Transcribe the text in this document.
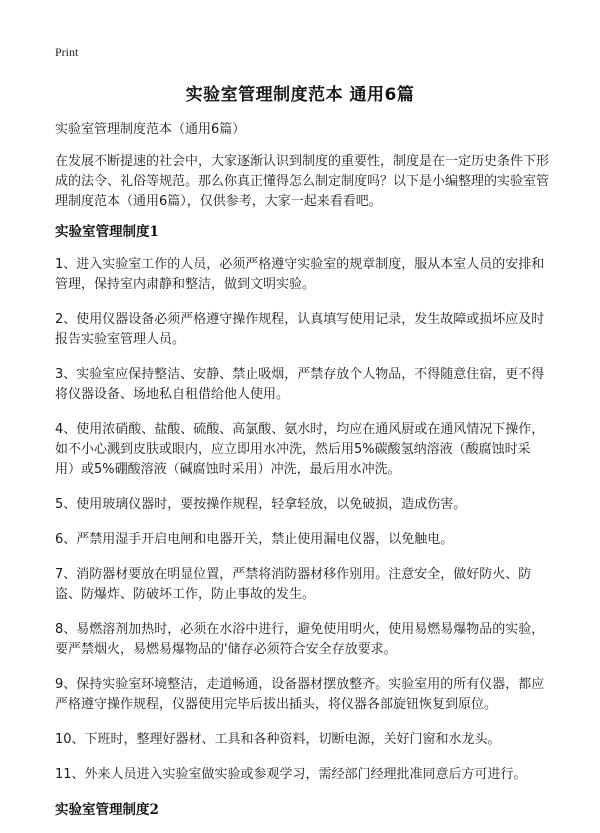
Print
实验室管理制度范本 通用6篇
实验室管理制度范本（通用6篇）

在发展不断提速的社会中，大家逐渐认识到制度的重要性，制度是在一定历史条件下形成的法令、礼俗等规范。那么你真正懂得怎么制定制度吗？以下是小编整理的实验室管理制度范本（通用6篇），仅供参考，大家一起来看看吧。

实验室管理制度1
1、进入实验室工作的人员，必须严格遵守实验室的规章制度，服从本室人员的安排和管理，保持室内肃静和整洁，做到文明实验。
2、使用仪器设备必须严格遵守操作规程，认真填写使用记录，发生故障或损坏应及时报告实验室管理人员。
3、实验室应保持整洁、安静、禁止吸烟，严禁存放个人物品，不得随意住宿，更不得将仪器设备、场地私自租借给他人使用。
4、使用浓硝酸、盐酸、硫酸、高氯酸、氨水时，均应在通风厨或在通风情况下操作，如不小心溅到皮肤或眼内，应立即用水冲洗，然后用5%碳酸氢纳溶液（酸腐蚀时采用）或5%硼酸溶液（碱腐蚀时采用）冲洗，最后用水冲洗。
5、使用玻璃仪器时，要按操作规程，轻拿轻放，以免破损，造成伤害。
6、严禁用湿手开启电闸和电器开关，禁止使用漏电仪器，以免触电。
7、消防器材要放在明显位置，严禁将消防器材移作别用。注意安全，做好防火、防盗、防爆炸、防破坏工作，防止事故的发生。
8、易燃溶剂加热时，必须在水浴中进行，避免使用明火，使用易燃易爆物品的实验，要严禁烟火，易燃易爆物品的'储存必须符合安全存放要求。
9、保持实验室环境整洁，走道畅通，设备器材摆放整齐。实验室用的所有仪器，都应严格遵守操作规程，仪器使用完毕后拔出插头，将仪器各部旋钮恢复到原位。
10、下班时，整理好器材、工具和各种资料，切断电源，关好门窗和水龙头。
11、外来人员进入实验室做实验或参观学习，需经部门经理批准同意后方可进行。
实验室管理制度2
